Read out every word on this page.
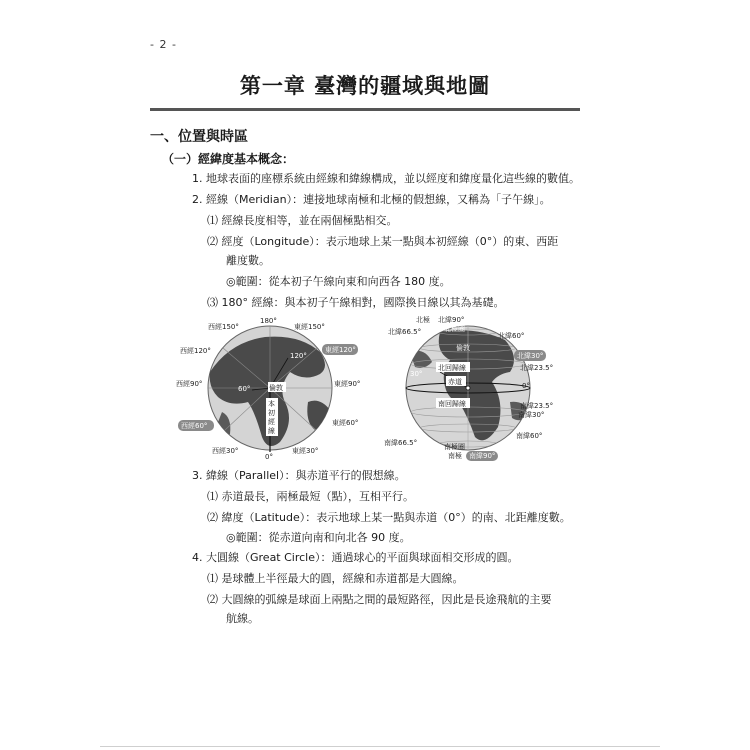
- 2 -
第一章 臺灣的疆域與地圖
一、位置與時區
（一）經緯度基本概念：
1. 地球表面的座標系統由經線和緯線構成，並以經度和緯度量化這些線的數值。
2. 經線（Meridian）：連接地球南極和北極的假想線，又稱為「子午線」。
⑴ 經線長度相等，並在兩個極點相交。
⑵ 經度（Longitude）：表示地球上某一點與本初經線（0°）的東、西距
離度數。
◎範圍：從本初子午線向東和向西各 180 度。
⑶ 180° 經線：與本初子午線相對，國際換日線以其為基礎。
180°
西經150°	東經150°
西經120°	東經120°
120°
60°
西經90°	東經90°
倫敦
本初經線
西經60°	東經60°
西經30°
0°
東經30°
北極 北緯90°
北極圈
北緯66.5°	北緯60°
倫敦
北緯30°
北回歸線	北緯23.5°
30°
赤道	0°
南回歸線	南緯23.5°
南緯30°
南緯60°
南緯66.5°	南極圈
南極 南緯90°
3. 緯線（Parallel）：與赤道平行的假想線。
⑴ 赤道最長，兩極最短（點），互相平行。
⑵ 緯度（Latitude）：表示地球上某一點與赤道（0°）的南、北距離度數。
◎範圍：從赤道向南和向北各 90 度。
4. 大圓線（Great Circle）：通過球心的平面與球面相交形成的圓。
⑴ 是球體上半徑最大的圓，經線和赤道都是大圓線。
⑵ 大圓線的弧線是球面上兩點之間的最短路徑，因此是長途飛航的主要
航線。
